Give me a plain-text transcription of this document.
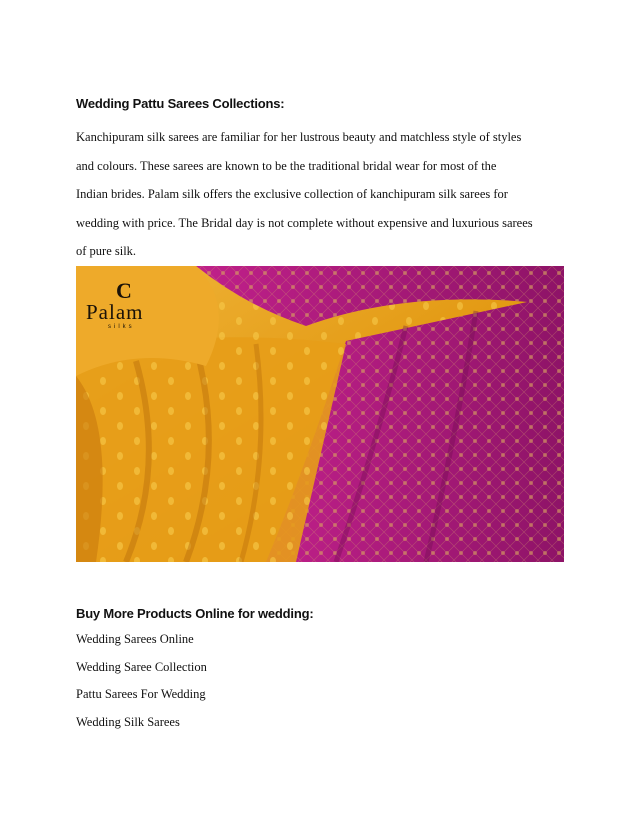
Wedding Pattu Sarees Collections:

Kanchipuram silk sarees are familiar for her lustrous beauty and matchless style of styles
and colours. These sarees are known to be the traditional bridal wear for most of the
Indian brides. Palam silk offers the exclusive collection of kanchipuram silk sarees for
wedding with price. The Bridal day is not complete without expensive and luxurious sarees
of pure silk.

C
Palam
silks
Buy More Products Online for wedding:
Wedding Sarees Online
Wedding Saree Collection
Pattu Sarees For Wedding
Wedding Silk Sarees
